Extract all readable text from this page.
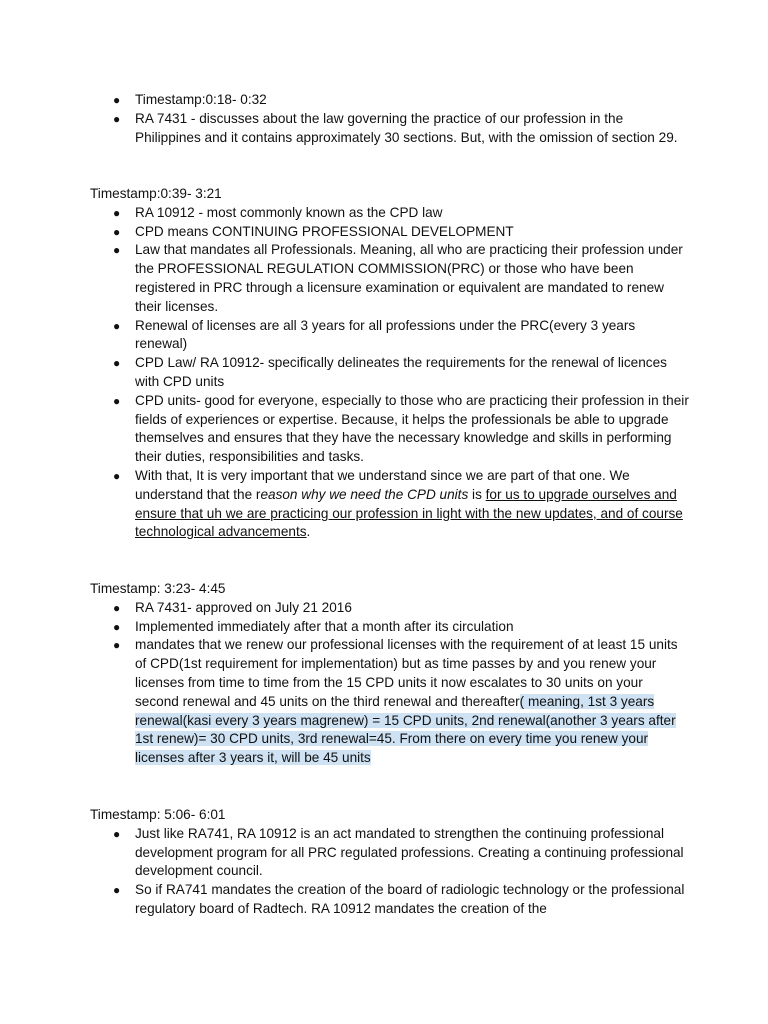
● Timestamp:0:18- 0:32
● RA 7431 - discusses about the law governing the practice of our profession in the Philippines and it contains approximately 30 sections. But, with the omission of section 29.
Timestamp:0:39- 3:21
● RA 10912 - most commonly known as the CPD law
● CPD means CONTINUING PROFESSIONAL DEVELOPMENT
● Law that mandates all Professionals. Meaning, all who are practicing their profession under the PROFESSIONAL REGULATION COMMISSION(PRC) or those who have been registered in PRC through a licensure examination or equivalent are mandated to renew their licenses.
● Renewal of licenses are all 3 years for all professions under the PRC(every 3 years renewal)
● CPD Law/ RA 10912- specifically delineates the requirements for the renewal of licences with CPD units
● CPD units- good for everyone, especially to those who are practicing their profession in their fields of experiences or expertise. Because, it helps the professionals be able to upgrade themselves and ensures that they have the necessary knowledge and skills in performing their duties, responsibilities and tasks.
● With that, It is very important that we understand since we are part of that one. We understand that the reason why we need the CPD units is for us to upgrade ourselves and ensure that uh we are practicing our profession in light with the new updates, and of course technological advancements.
Timestamp: 3:23- 4:45
● RA 7431- approved on July 21 2016
● Implemented immediately after that a month after its circulation
● mandates that we renew our professional licenses with the requirement of at least 15 units of CPD(1st requirement for implementation) but as time passes by and you renew your licenses from time to time from the 15 CPD units it now escalates to 30 units on your second renewal and 45 units on the third renewal and thereafter( meaning, 1st 3 years renewal(kasi every 3 years magrenew) = 15 CPD units, 2nd renewal(another 3 years after 1st renew)= 30 CPD units, 3rd renewal=45. From there on every time you renew your licenses after 3 years it, will be 45 units
Timestamp: 5:06- 6:01
● Just like RA741, RA 10912 is an act mandated to strengthen the continuing professional development program for all PRC regulated professions. Creating a continuing professional development council.
● So if RA741 mandates the creation of the board of radiologic technology or the professional regulatory board of Radtech. RA 10912 mandates the creation of the
